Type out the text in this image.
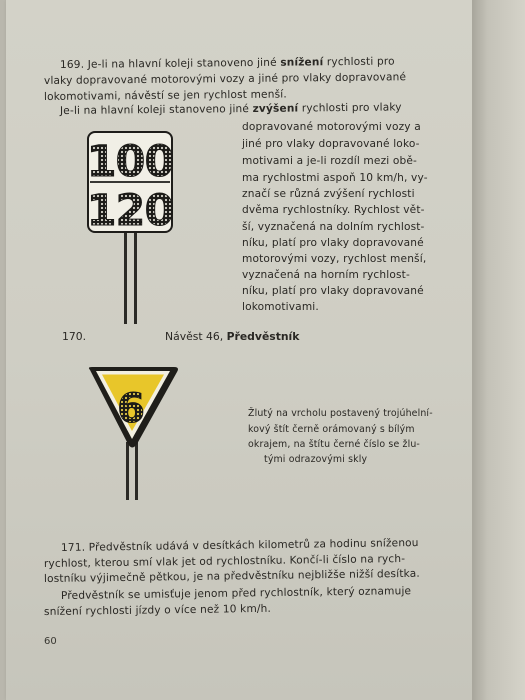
169. Je-li na hlavní koleji stanoveno jiné snížení rychlosti pro
vlaky dopravované motorovými vozy a jiné pro vlaky dopravované
lokomotivami, návěstí se jen rychlost menší.
Je-li na hlavní koleji stanoveno jiné zvýšení rychlosti pro vlaky
dopravované motorovými vozy a
jiné pro vlaky dopravované loko-
motivami a je-li rozdíl mezi obě-
ma rychlostmi aspoň 10 km/h, vy-
značí se různá zvýšení rychlosti
dvěma rychlostníky. Rychlost vět-
ší, vyznačená na dolním rychlost-
níku, platí pro vlaky dopravované
motorovými vozy, rychlost menší,
vyznačená na horním rychlost-
níku, platí pro vlaky dopravované
lokomotivami.
100
120
170.	Návěst 46, Předvěstník
6	Žlutý na vrcholu postavený trojúhelní-
kový štít černě orámovaný s bílým
okrajem, na štítu černé číslo se žlu-
tými odrazovými skly
171. Předvěstník udává v desítkách kilometrů za hodinu sníženou
rychlost, kterou smí vlak jet od rychlostníku. Končí-li číslo na rych-
lostníku výjimečně pětkou, je na předvěstníku nejbližše nižší desítka.
Předvěstník se umisťuje jenom před rychlostník, který oznamuje
snížení rychlosti jízdy o více než 10 km/h.
60
